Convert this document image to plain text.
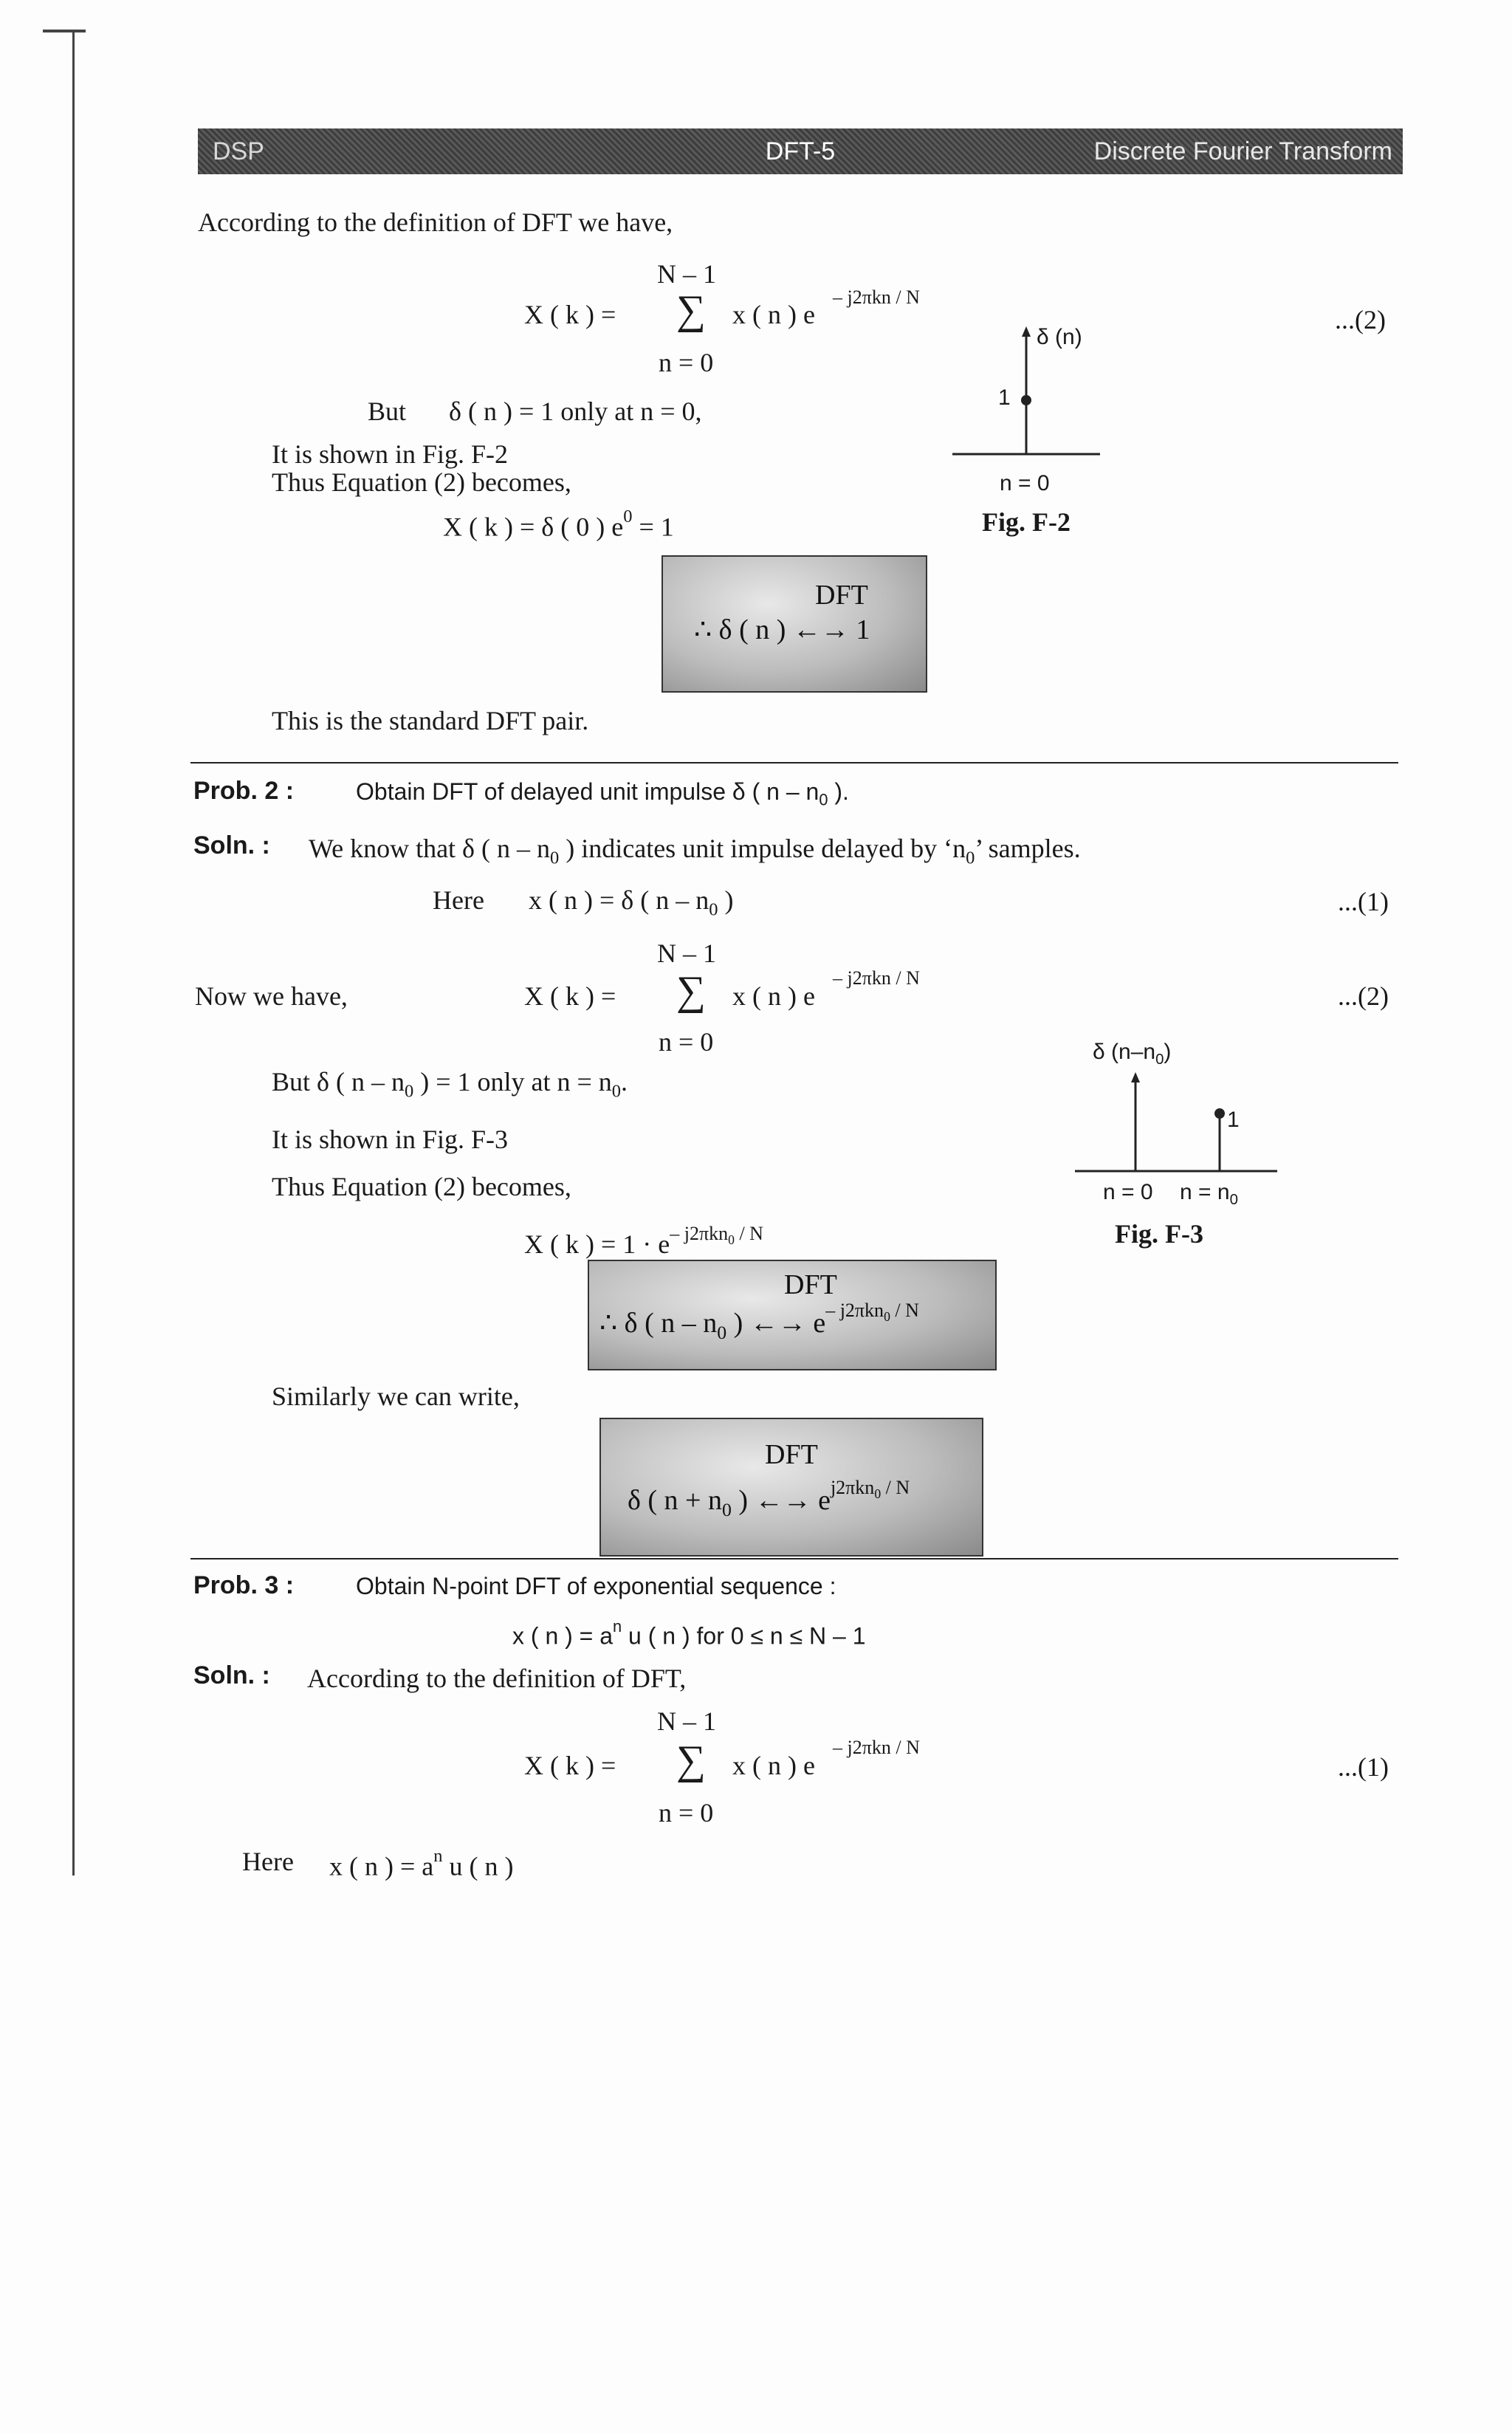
DSP	DFT-5	Discrete Fourier Transform
According to the definition of DFT we have,
N – 1
X ( k ) = ∑ x ( n ) e
– j2πkn / N
n = 0
...(2)
But δ ( n ) = 1 only at n = 0,
It is shown in Fig. F-2
Thus Equation (2) becomes,
X ( k ) = δ ( 0 ) $e^0 = 1$
DFT
∴ δ ( n ) ←→ 1
This is the standard DFT pair.
δ (n)
1
n = 0
Fig. F-2
Prob. 2 :	Obtain DFT of delayed unit impulse δ ( n – $n_0$ ).
Soln. : We know that δ ( n – $n_0$ ) indicates unit impulse delayed by ‘$n_0$’ samples.
Here x ( n ) = δ ( n – $n_0$ )	...(1)
N – 1
Now we have,	X ( k ) = ∑ x ( n ) e
– j2πkn / N
n = 0
...(2)
But δ ( n – $n_0$ ) = 1 only at $n = n_0$.
It is shown in Fig. F-3
Thus Equation (2) becomes,
X ( k ) = $1 \cdot e^{- j2\pi kn_0 / N}$
DFT
∴ δ ( n – $n_0$ ) ←→ $e^{- j2\pi kn_0 / N}$
Similarly we can write,
DFT
δ ( $n + n_0$ ) ←→ $e^{j2\pi kn_0 / N}$
δ $(n-n_0)$
1
n = 0 $n = n_0$
Fig. F-3
Prob. 3 :	Obtain N-point DFT of exponential sequence :
x ( n ) = $a^n$ u ( n ) for 0 ≤ n ≤ N – 1
Soln. : According to the definition of DFT,
N – 1
X ( k ) = ∑ x ( n ) e
– j2πkn / N
n = 0
...(1)
Here x ( n ) = $a^n$ u ( n )
